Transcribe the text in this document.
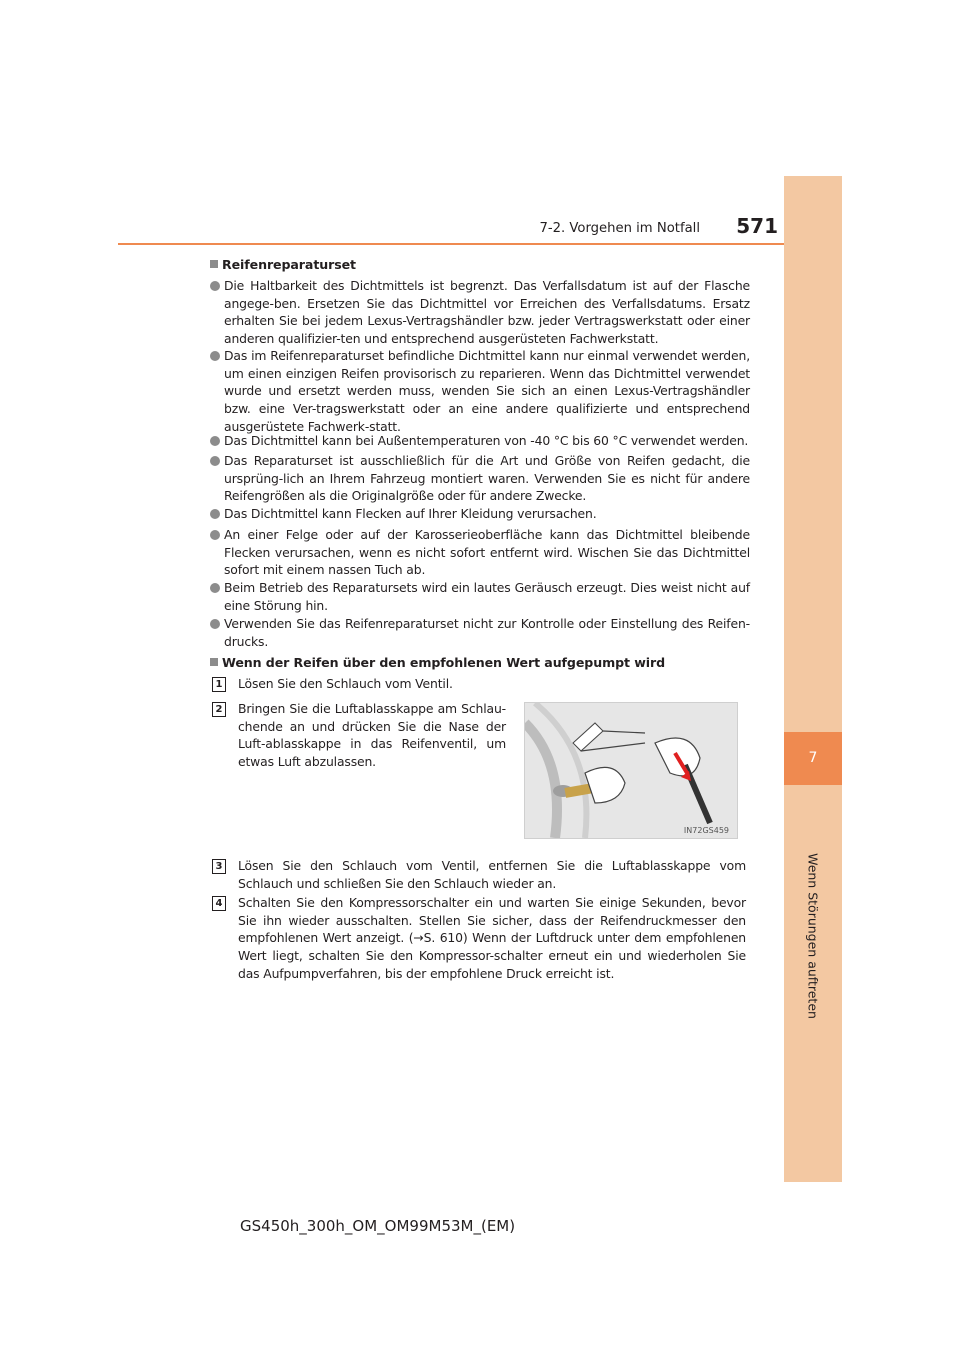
7-2. Vorgehen im Notfall	571
7
Wenn Störungen auftreten
Reifenreparaturset
Die Haltbarkeit des Dichtmittels ist begrenzt. Das Verfallsdatum ist auf der Flasche angege-ben. Ersetzen Sie das Dichtmittel vor Erreichen des Verfallsdatums. Ersatz erhalten Sie bei jedem Lexus-Vertragshändler bzw. jeder Vertragswerkstatt oder einer anderen qualifizier-ten und entsprechend ausgerüsteten Fachwerkstatt.
Das im Reifenreparaturset befindliche Dichtmittel kann nur einmal verwendet werden, um einen einzigen Reifen provisorisch zu reparieren. Wenn das Dichtmittel verwendet wurde und ersetzt werden muss, wenden Sie sich an einen Lexus-Vertragshändler bzw. eine Ver-tragswerkstatt oder an eine andere qualifizierte und entsprechend ausgerüstete Fachwerk-statt.
Das Dichtmittel kann bei Außentemperaturen von -40 °C bis 60 °C verwendet werden.
Das Reparaturset ist ausschließlich für die Art und Größe von Reifen gedacht, die ursprüng-lich an Ihrem Fahrzeug montiert waren. Verwenden Sie es nicht für andere Reifengrößen als die Originalgröße oder für andere Zwecke.
Das Dichtmittel kann Flecken auf Ihrer Kleidung verursachen.
An einer Felge oder auf der Karosserieoberfläche kann das Dichtmittel bleibende Flecken verursachen, wenn es nicht sofort entfernt wird. Wischen Sie das Dichtmittel sofort mit einem nassen Tuch ab.
Beim Betrieb des Reparatursets wird ein lautes Geräusch erzeugt. Dies weist nicht auf eine Störung hin.
Verwenden Sie das Reifenreparaturset nicht zur Kontrolle oder Einstellung des Reifen-drucks.
Wenn der Reifen über den empfohlenen Wert aufgepumpt wird
1 Lösen Sie den Schlauch vom Ventil.
2 Bringen Sie die Luftablasskappe am Schlau-chende an und drücken Sie die Nase der Luft-ablasskappe in das Reifenventil, um etwas Luft abzulassen.
IN72GS459
3 Lösen Sie den Schlauch vom Ventil, entfernen Sie die Luftablasskappe vom Schlauch und schließen Sie den Schlauch wieder an.
4 Schalten Sie den Kompressorschalter ein und warten Sie einige Sekunden, bevor Sie ihn wieder ausschalten. Stellen Sie sicher, dass der Reifendruckmesser den empfohlenen Wert anzeigt. (→S. 610) Wenn der Luftdruck unter dem empfohlenen Wert liegt, schalten Sie den Kompressor-schalter erneut ein und wiederholen Sie das Aufpumpverfahren, bis der empfohlene Druck erreicht ist.
GS450h_300h_OM_OM99M53M_(EM)
